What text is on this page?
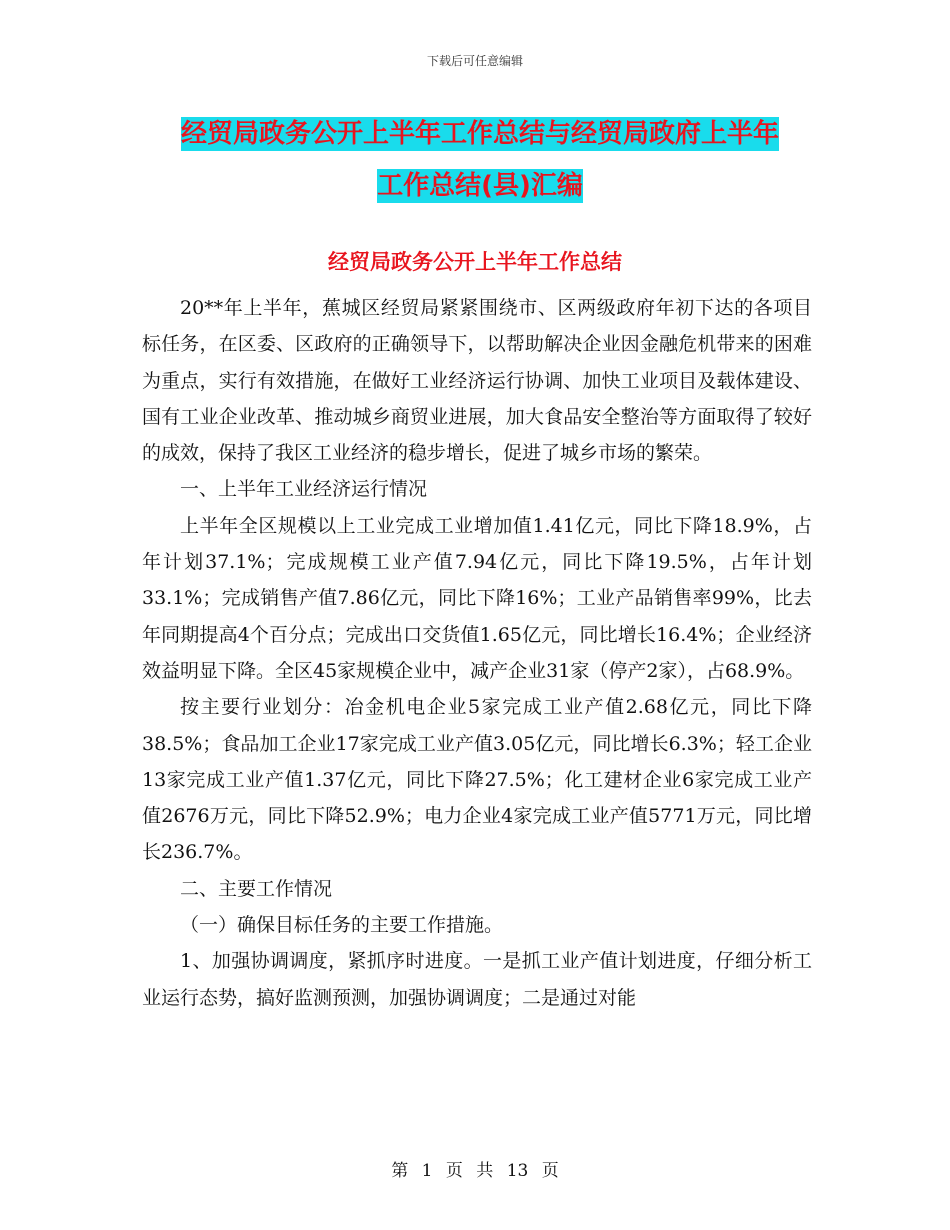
下载后可任意编辑
经贸局政务公开上半年工作总结与经贸局政府上半年
工作总结(县)汇编
经贸局政务公开上半年工作总结

20**年上半年，蕉城区经贸局紧紧围绕市、区两级政府年初下达的各项目标任务，在区委、区政府的正确领导下，以帮助解决企业因金融危机带来的困难为重点，实行有效措施，在做好工业经济运行协调、加快工业项目及载体建设、国有工业企业改革、推动城乡商贸业进展，加大食品安全整治等方面取得了较好的成效，保持了我区工业经济的稳步增长，促进了城乡市场的繁荣。

一、上半年工业经济运行情况

上半年全区规模以上工业完成工业增加值1.41亿元，同比下降18.9%，占年计划37.1%；完成规模工业产值7.94亿元，同比下降19.5%，占年计划33.1%；完成销售产值7.86亿元，同比下降16%；工业产品销售率99%，比去年同期提高4个百分点；完成出口交货值1.65亿元，同比增长16.4%；企业经济效益明显下降。全区45家规模企业中，减产企业31家（停产2家），占68.9%。

按主要行业划分：冶金机电企业5家完成工业产值2.68亿元，同比下降38.5%；食品加工企业17家完成工业产值3.05亿元，同比增长6.3%；轻工企业13家完成工业产值1.37亿元，同比下降27.5%；化工建材企业6家完成工业产值2676万元，同比下降52.9%；电力企业4家完成工业产值5771万元，同比增长236.7%。

二、主要工作情况

（一）确保目标任务的主要工作措施。

1、加强协调调度，紧抓序时进度。一是抓工业产值计划进度，仔细分析工业运行态势，搞好监测预测，加强协调调度；二是通过对能

第 1 页 共 13 页
